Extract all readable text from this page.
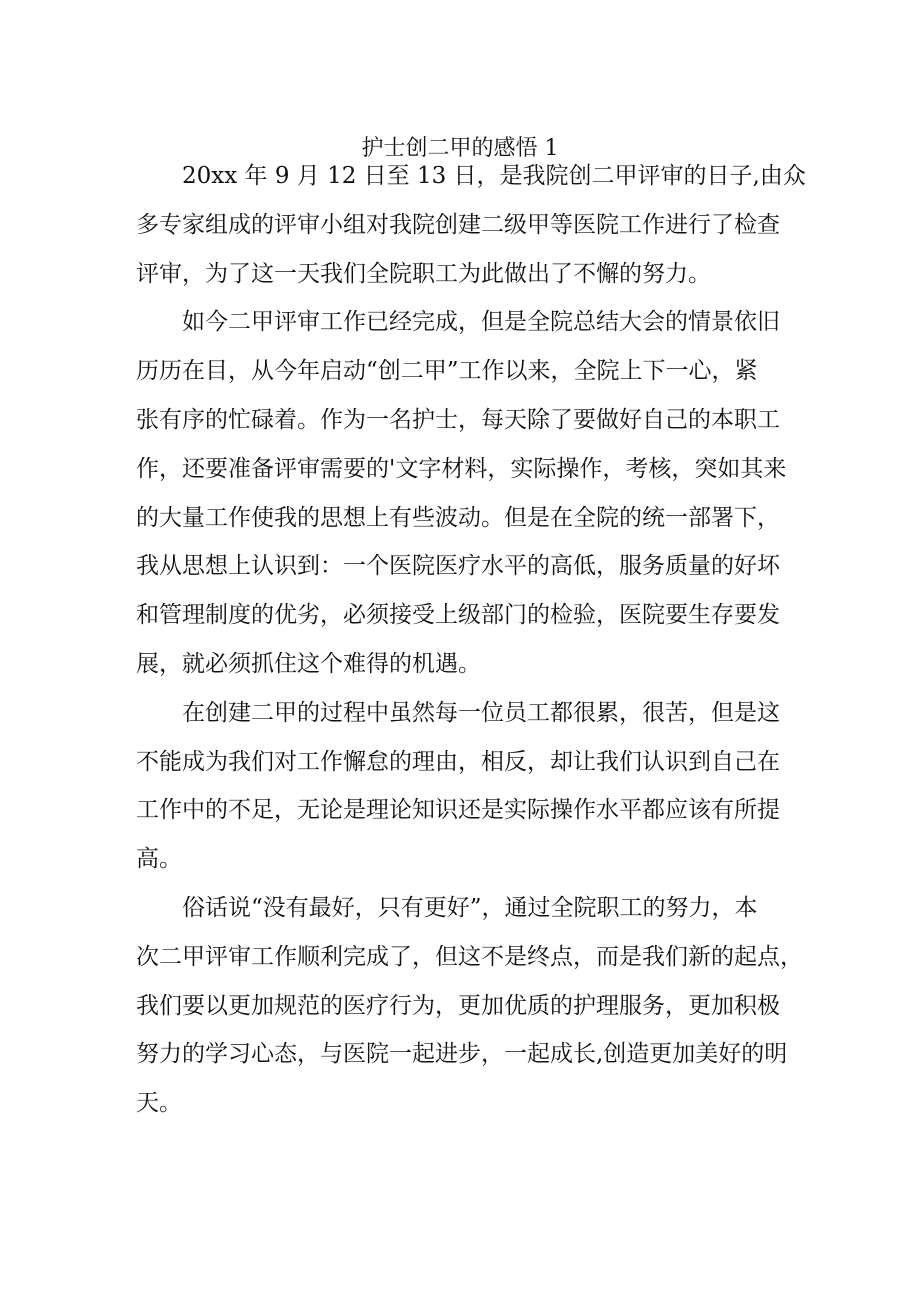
护士创二甲的感悟 1

20xx 年 9 月 12 日至 13 日，是我院创二甲评审的日子,由众
多专家组成的评审小组对我院创建二级甲等医院工作进行了检查
评审，为了这一天我们全院职工为此做出了不懈的努力。

如今二甲评审工作已经完成，但是全院总结大会的情景依旧
历历在目，从今年启动“创二甲”工作以来，全院上下一心，紧
张有序的忙碌着。作为一名护士，每天除了要做好自己的本职工
作，还要准备评审需要的'文字材料，实际操作，考核，突如其来
的大量工作使我的思想上有些波动。但是在全院的统一部署下，
我从思想上认识到：一个医院医疗水平的高低，服务质量的好坏
和管理制度的优劣，必须接受上级部门的检验，医院要生存要发
展，就必须抓住这个难得的机遇。

在创建二甲的过程中虽然每一位员工都很累，很苦，但是这
不能成为我们对工作懈怠的理由，相反，却让我们认识到自己在
工作中的不足，无论是理论知识还是实际操作水平都应该有所提
高。

俗话说“没有最好，只有更好”，通过全院职工的努力，本
次二甲评审工作顺利完成了，但这不是终点，而是我们新的起点，
我们要以更加规范的医疗行为，更加优质的护理服务，更加积极
努力的学习心态，与医院一起进步，一起成长,创造更加美好的明
天。
